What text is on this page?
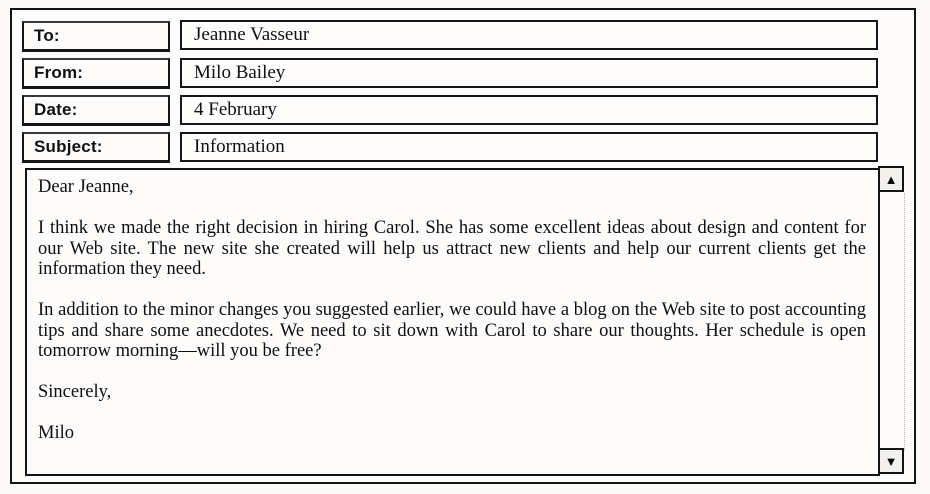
To:	Jeanne Vasseur
From:	Milo Bailey
Date:	4 February
Subject:	Information

Dear Jeanne,

I think we made the right decision in hiring Carol. She has some excellent ideas about design and content for our Web site. The new site she created will help us attract new clients and help our current clients get the information they need.

In addition to the minor changes you suggested earlier, we could have a blog on the Web site to post accounting tips and share some anecdotes. We need to sit down with Carol to share our thoughts. Her schedule is open tomorrow morning—will you be free?

Sincerely,

Milo

▲
▼
